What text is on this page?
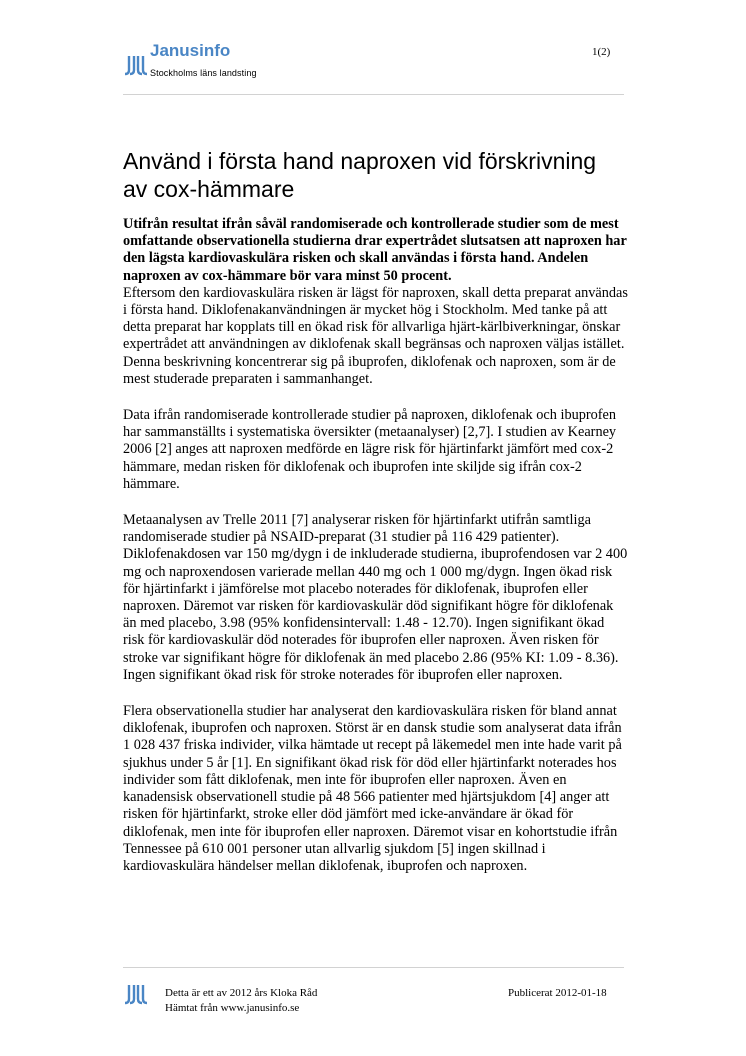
Janusinfo
Stockholms läns landsting
1(2)
Använd i första hand naproxen vid förskrivning av cox-hämmare

Utifrån resultat ifrån såväl randomiserade och kontrollerade studier som de mest omfattande observationella studierna drar expertrådet slutsatsen att naproxen har den lägsta kardiovaskulära risken och skall användas i första hand. Andelen naproxen av cox-hämmare bör vara minst 50 procent.

Eftersom den kardiovaskulära risken är lägst för naproxen, skall detta preparat användas i första hand. Diklofenakanvändningen är mycket hög i Stockholm. Med tanke på att detta preparat har kopplats till en ökad risk för allvarliga hjärt-kärlbiverkningar, önskar expertrådet att användningen av diklofenak skall begränsas och naproxen väljas istället. Denna beskrivning koncentrerar sig på ibuprofen, diklofenak och naproxen, som är de mest studerade preparaten i sammanhanget.

Data ifrån randomiserade kontrollerade studier på naproxen, diklofenak och ibuprofen har sammanställts i systematiska översikter (metaanalyser) [2,7]. I studien av Kearney 2006 [2] anges att naproxen medförde en lägre risk för hjärtinfarkt jämfört med cox-2 hämmare, medan risken för diklofenak och ibuprofen inte skiljde sig ifrån cox-2 hämmare.

Metaanalysen av Trelle 2011 [7] analyserar risken för hjärtinfarkt utifrån samtliga randomiserade studier på NSAID-preparat (31 studier på 116 429 patienter). Diklofenakdosen var 150 mg/dygn i de inkluderade studierna, ibuprofendosen var 2 400 mg och naproxendosen varierade mellan 440 mg och 1 000 mg/dygn. Ingen ökad risk för hjärtinfarkt i jämförelse mot placebo noterades för diklofenak, ibuprofen eller naproxen. Däremot var risken för kardiovaskulär död signifikant högre för diklofenak än med placebo, 3.98 (95% konfidensintervall: 1.48 - 12.70). Ingen signifikant ökad risk för kardiovaskulär död noterades för ibuprofen eller naproxen. Även risken för stroke var signifikant högre för diklofenak än med placebo 2.86 (95% KI: 1.09 - 8.36). Ingen signifikant ökad risk för stroke noterades för ibuprofen eller naproxen.

Flera observationella studier har analyserat den kardiovaskulära risken för bland annat diklofenak, ibuprofen och naproxen. Störst är en dansk studie som analyserat data ifrån 1 028 437 friska individer, vilka hämtade ut recept på läkemedel men inte hade varit på sjukhus under 5 år [1]. En signifikant ökad risk för död eller hjärtinfarkt noterades hos individer som fått diklofenak, men inte för ibuprofen eller naproxen. Även en kanadensisk observationell studie på 48 566 patienter med hjärtsjukdom [4] anger att risken för hjärtinfarkt, stroke eller död jämfört med icke-användare är ökad för diklofenak, men inte för ibuprofen eller naproxen. Däremot visar en kohortstudie ifrån Tennessee på 610 001 personer utan allvarlig sjukdom [5] ingen skillnad i kardiovaskulära händelser mellan diklofenak, ibuprofen och naproxen.

Detta är ett av 2012 års Kloka Råd
Hämtat från www.janusinfo.se
Publicerat 2012-01-18
